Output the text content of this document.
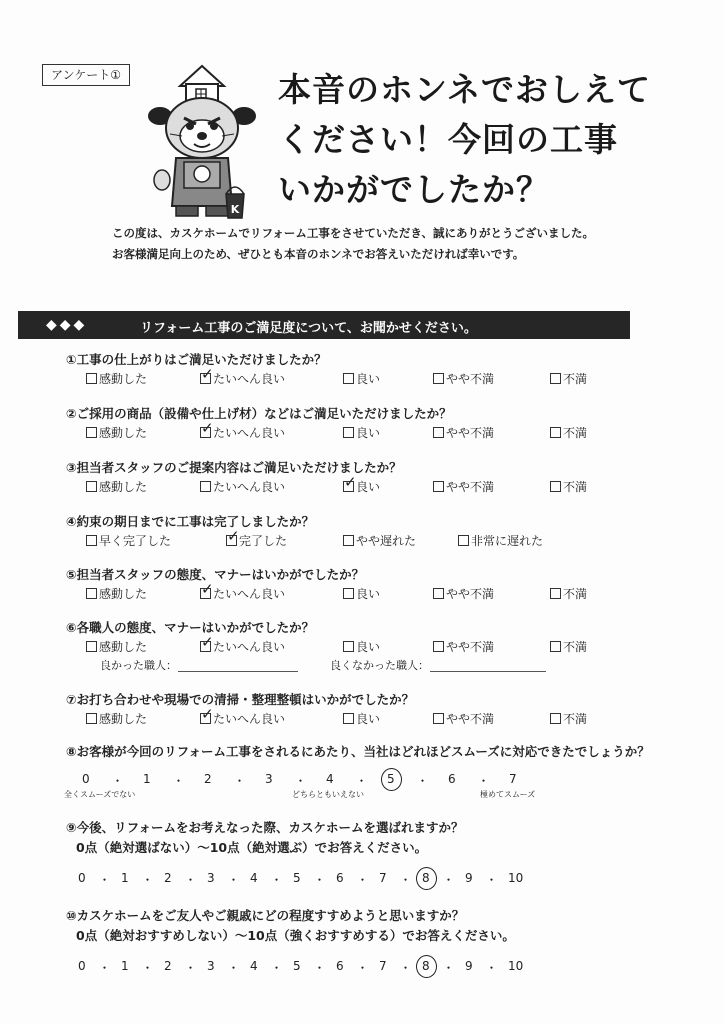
アンケート①
K
本音のホンネでおしえて
ください！今回の工事
いかがでしたか？
この度は、カスケホームでリフォーム工事をさせていただき、誠にありがとうございました。
お客様満足向上のため、ぜひとも本音のホンネでお答えいただければ幸いです。
◆◆◆	リフォーム工事のご満足度について、お聞かせください。
①工事の仕上がりはご満足いただけましたか？
感動した ✓	たいへん良い	良い	やや不満	不満
②ご採用の商品（設備や仕上げ材）などはご満足いただけましたか？
感動した ✓	たいへん良い	良い	やや不満	不満
③担当者スタッフのご提案内容はご満足いただけましたか？
感動した	たいへん良い ✓	良い	やや不満	不満
④約束の期日までに工事は完了しましたか？
早く完了した ✓	完了した	やや遅れた	非常に遅れた
⑤担当者スタッフの態度、マナーはいかがでしたか？
感動した ✓	たいへん良い	良い	やや不満	不満
⑥各職人の態度、マナーはいかがでしたか？
感動した ✓	たいへん良い	良い	やや不満	不満
⑦お打ち合わせや現場での清掃・整理整頓はいかがでしたか？
感動した ✓	たいへん良い	良い	やや不満	不満
良かった職人：	良くなかった職人：
⑧お客様が今回のリフォーム工事をされるにあたり、当社はどれほどスムーズに対応できたでしょうか？
0 ・ 1 ・ 2 ・ 3 ・ 4 ・ 5 ・ 6 ・ 7
全くスムーズでない	どちらともいえない	極めてスムーズ
⑨今後、リフォームをお考えなった際、カスケホームを選ばれますか？
0点（絶対選ばない）～10点（絶対選ぶ）でお答えください。
0 ・ 1 ・ 2 ・ 3 ・ 4 ・ 5 ・ 6 ・ 7 ・ 8 ・ 9 ・ 10
⑩カスケホームをご友人やご親戚にどの程度すすめようと思いますか？
0点（絶対おすすめしない）～10点（強くおすすめする）でお答えください。
0 ・ 1 ・ 2 ・ 3 ・ 4 ・ 5 ・ 6 ・ 7 ・ 8 ・ 9 ・ 10
